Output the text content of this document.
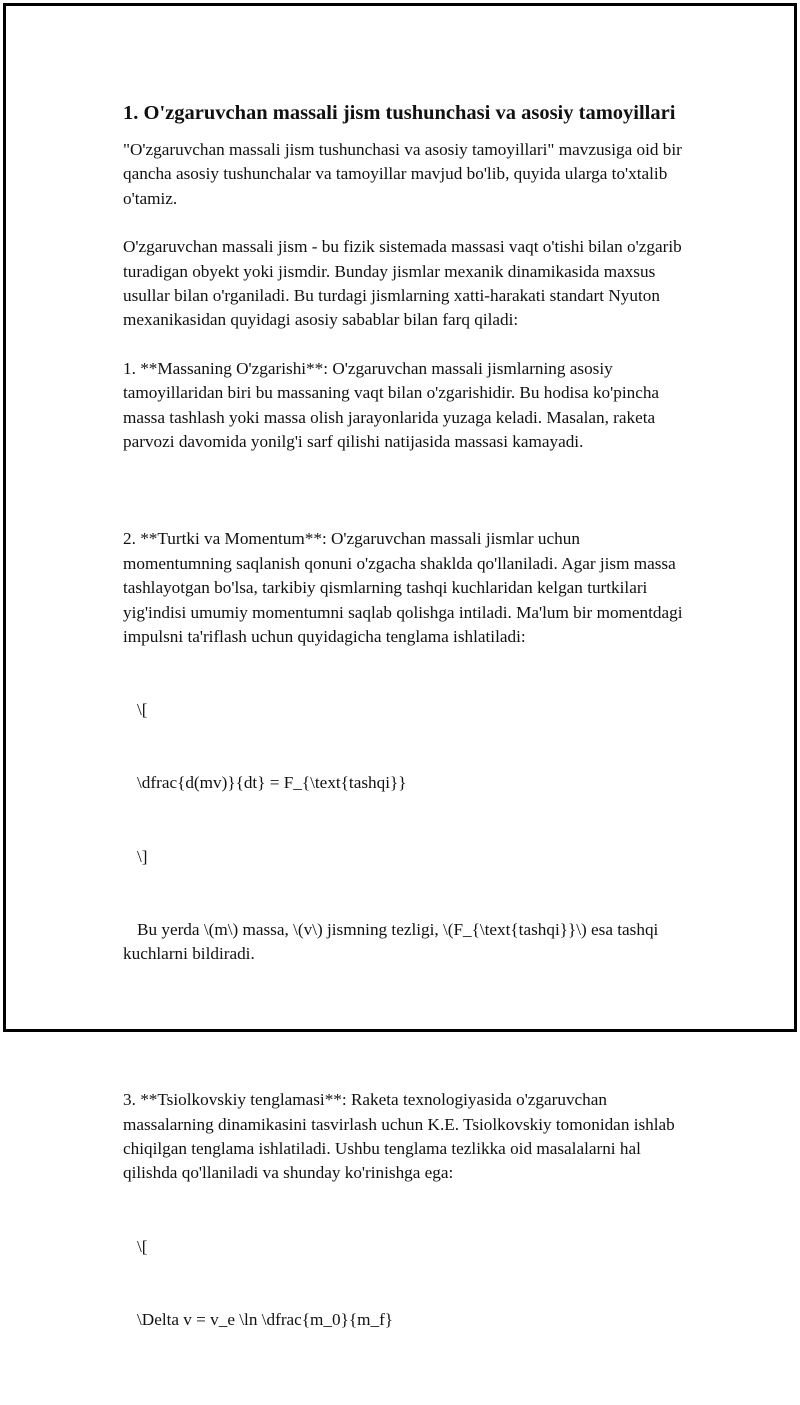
1. O'zgaruvchan massali jism tushunchasi va asosiy tamoyillari

"O'zgaruvchan massali jism tushunchasi va asosiy tamoyillari" mavzusiga oid bir qancha asosiy tushunchalar va tamoyillar mavjud bo'lib, quyida ularga to'xtalib o'tamiz.

O'zgaruvchan massali jism - bu fizik sistemada massasi vaqt o'tishi bilan o'zgarib turadigan obyekt yoki jismdir. Bunday jismlar mexanik dinamikasida maxsus usullar bilan o'rganiladi. Bu turdagi jismlarning xatti-harakati standart Nyuton mexanikasidan quyidagi asosiy sabablar bilan farq qiladi:

1. **Massaning O'zgarishi**: O'zgaruvchan massali jismlarning asosiy tamoyillaridan biri bu massaning vaqt bilan o'zgarishidir. Bu hodisa ko'pincha massa tashlash yoki massa olish jarayonlarida yuzaga keladi. Masalan, raketa parvozi davomida yonilg'i sarf qilishi natijasida massasi kamayadi.

2. **Turtki va Momentum**: O'zgaruvchan massali jismlar uchun momentumning saqlanish qonuni o'zgacha shaklda qo'llaniladi. Agar jism massa tashlayotgan bo'lsa, tarkibiy qismlarning tashqi kuchlaridan kelgan turtkilari yig'indisi umumiy momentumni saqlab qolishga intiladi. Ma'lum bir momentdagi impulsni ta'riflash uchun quyidagicha tenglama ishlatiladi:

\[

\dfrac{d(mv)}{dt} = F_{\text{tashqi}}

\]

Bu yerda \(m\) massa, \(v\) jismning tezligi, \(F_{\text{tashqi}}\) esa tashqi kuchlarni bildiradi.

3. **Tsiolkovskiy tenglamasi**: Raketa texnologiyasida o'zgaruvchan massalarning dinamikasini tasvirlash uchun K.E. Tsiolkovskiy tomonidan ishlab chiqilgan tenglama ishlatiladi. Ushbu tenglama tezlikka oid masalalarni hal qilishda qo'llaniladi va shunday ko'rinishga ega:

\[

\Delta v = v_e \ln \dfrac{m_0}{m_f}
